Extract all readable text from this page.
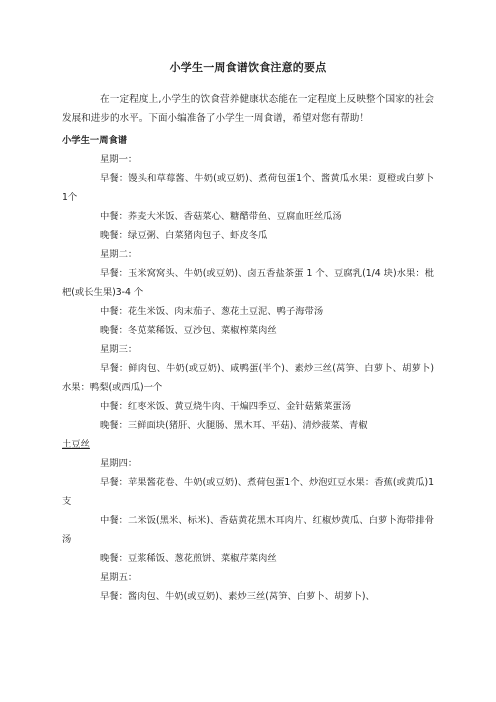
小学生一周食谱饮食注意的要点

在一定程度上,小学生的饮食营养健康状态能在一定程度上反映整个国家的社会发展和进步的水平。下面小编准备了小学生一周食谱，希望对您有帮助！

小学生一周食谱

星期一：

早餐：馒头和草莓酱、牛奶(或豆奶)、煮荷包蛋1个、酱黄瓜水果：夏橙或白萝卜1个

中餐：荞麦大米饭、香菇菜心、糖醋带鱼、豆腐血旺丝瓜汤

晚餐：绿豆粥、白菜猪肉包子、虾皮冬瓜

星期二：

早餐：玉米窝窝头、牛奶(或豆奶)、卤五香盐茶蛋 1 个、豆腐乳(1/4 块)水果：枇杷(或长生果)3-4 个

中餐：花生米饭、肉末茄子、葱花土豆泥、鸭子海带汤

晚餐：冬苋菜稀饭、豆沙包、菜椒榨菜肉丝

星期三：

早餐：鲜肉包、牛奶(或豆奶)、咸鸭蛋(半个)、素炒三丝(莴笋、白萝卜、胡萝卜)水果：鸭梨(或西瓜)一个

中餐：红枣米饭、黄豆烧牛肉、干煸四季豆、金针菇紫菜蛋汤

晚餐：三鲜面块(猪肝、火腿肠、黑木耳、平菇)、清炒菠菜、青椒

土豆丝

星期四：

早餐：苹果酱花卷、牛奶(或豆奶)、煮荷包蛋1个、炒泡豇豆水果：香蕉(或黄瓜)1 支

中餐：二米饭(黑米、标米)、香菇黄花黑木耳肉片、红椒炒黄瓜、白萝卜海带排骨汤

晚餐：豆浆稀饭、葱花煎饼、菜椒芹菜肉丝

星期五：

早餐：酱肉包、牛奶(或豆奶)、素炒三丝(莴笋、白萝卜、胡萝卜)、
